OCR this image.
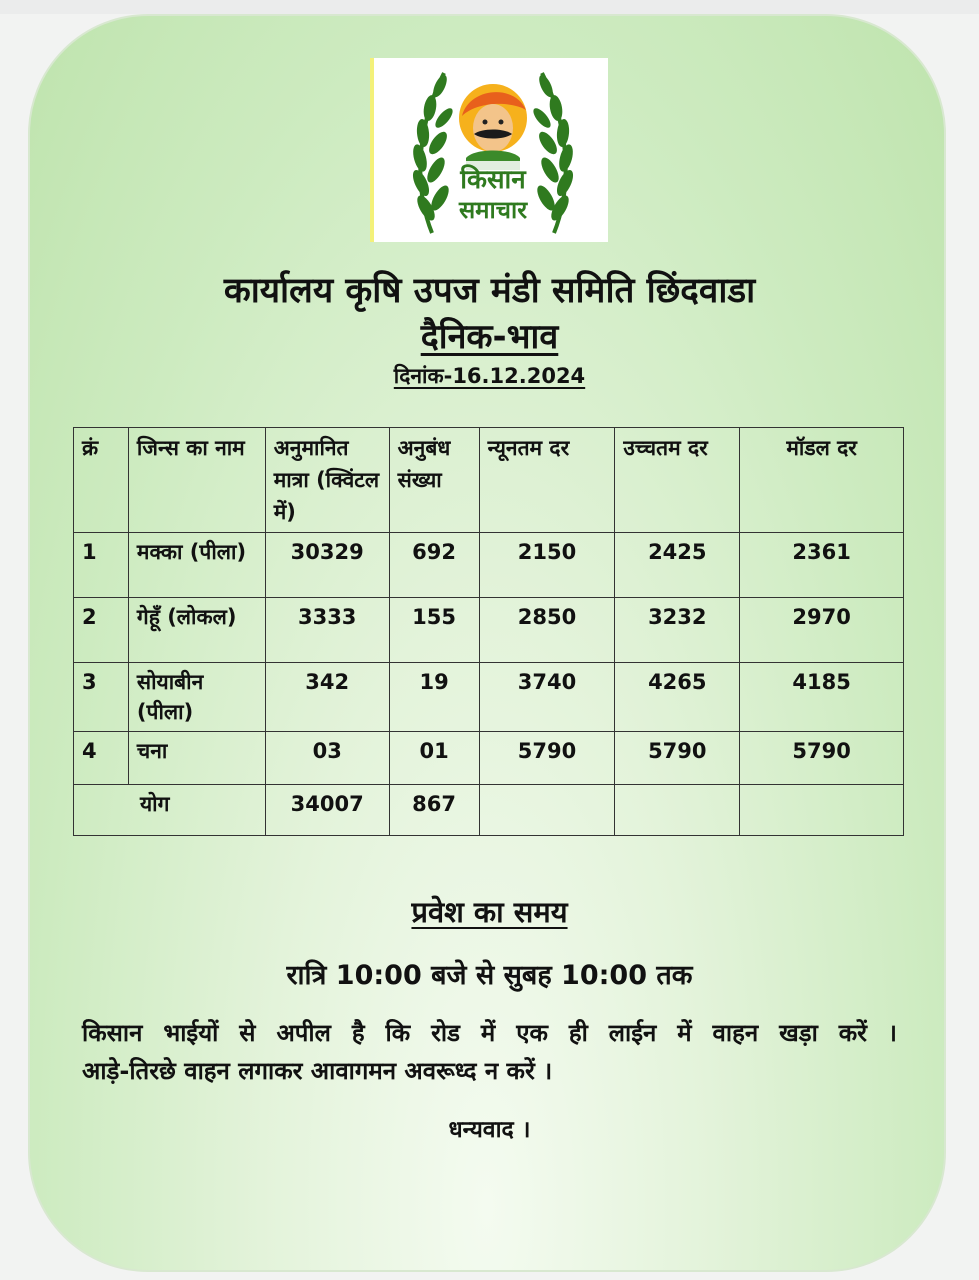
किसान
समाचार
कार्यालय कृषि उपज मंडी समिति छिंदवाडा
दैनिक-भाव
दिनांक-16.12.2024
क्रं	जिन्स का नाम	अनुमानित मात्रा (क्विंटल में)	अनुबंध संख्या	न्यूनतम दर	उच्चतम दर	मॉडल दर
1	मक्का (पीला)	30329	692	2150	2425	2361
2	गेहूँ (लोकल)	3333	155	2850	3232	2970
3	सोयाबीन (पीला)	342	19	3740	4265	4185
4	चना	03	01	5790	5790	5790
योग		34007	867			
प्रवेश का समय
रात्रि 10:00 बजे से सुबह 10:00 तक

किसान भाईयों से अपील है कि रोड में एक ही लाईन में वाहन खड़ा करें ।
आड़े-तिरछे वाहन लगाकर आवागमन अवरूध्द न करें ।

धन्यवाद ।
